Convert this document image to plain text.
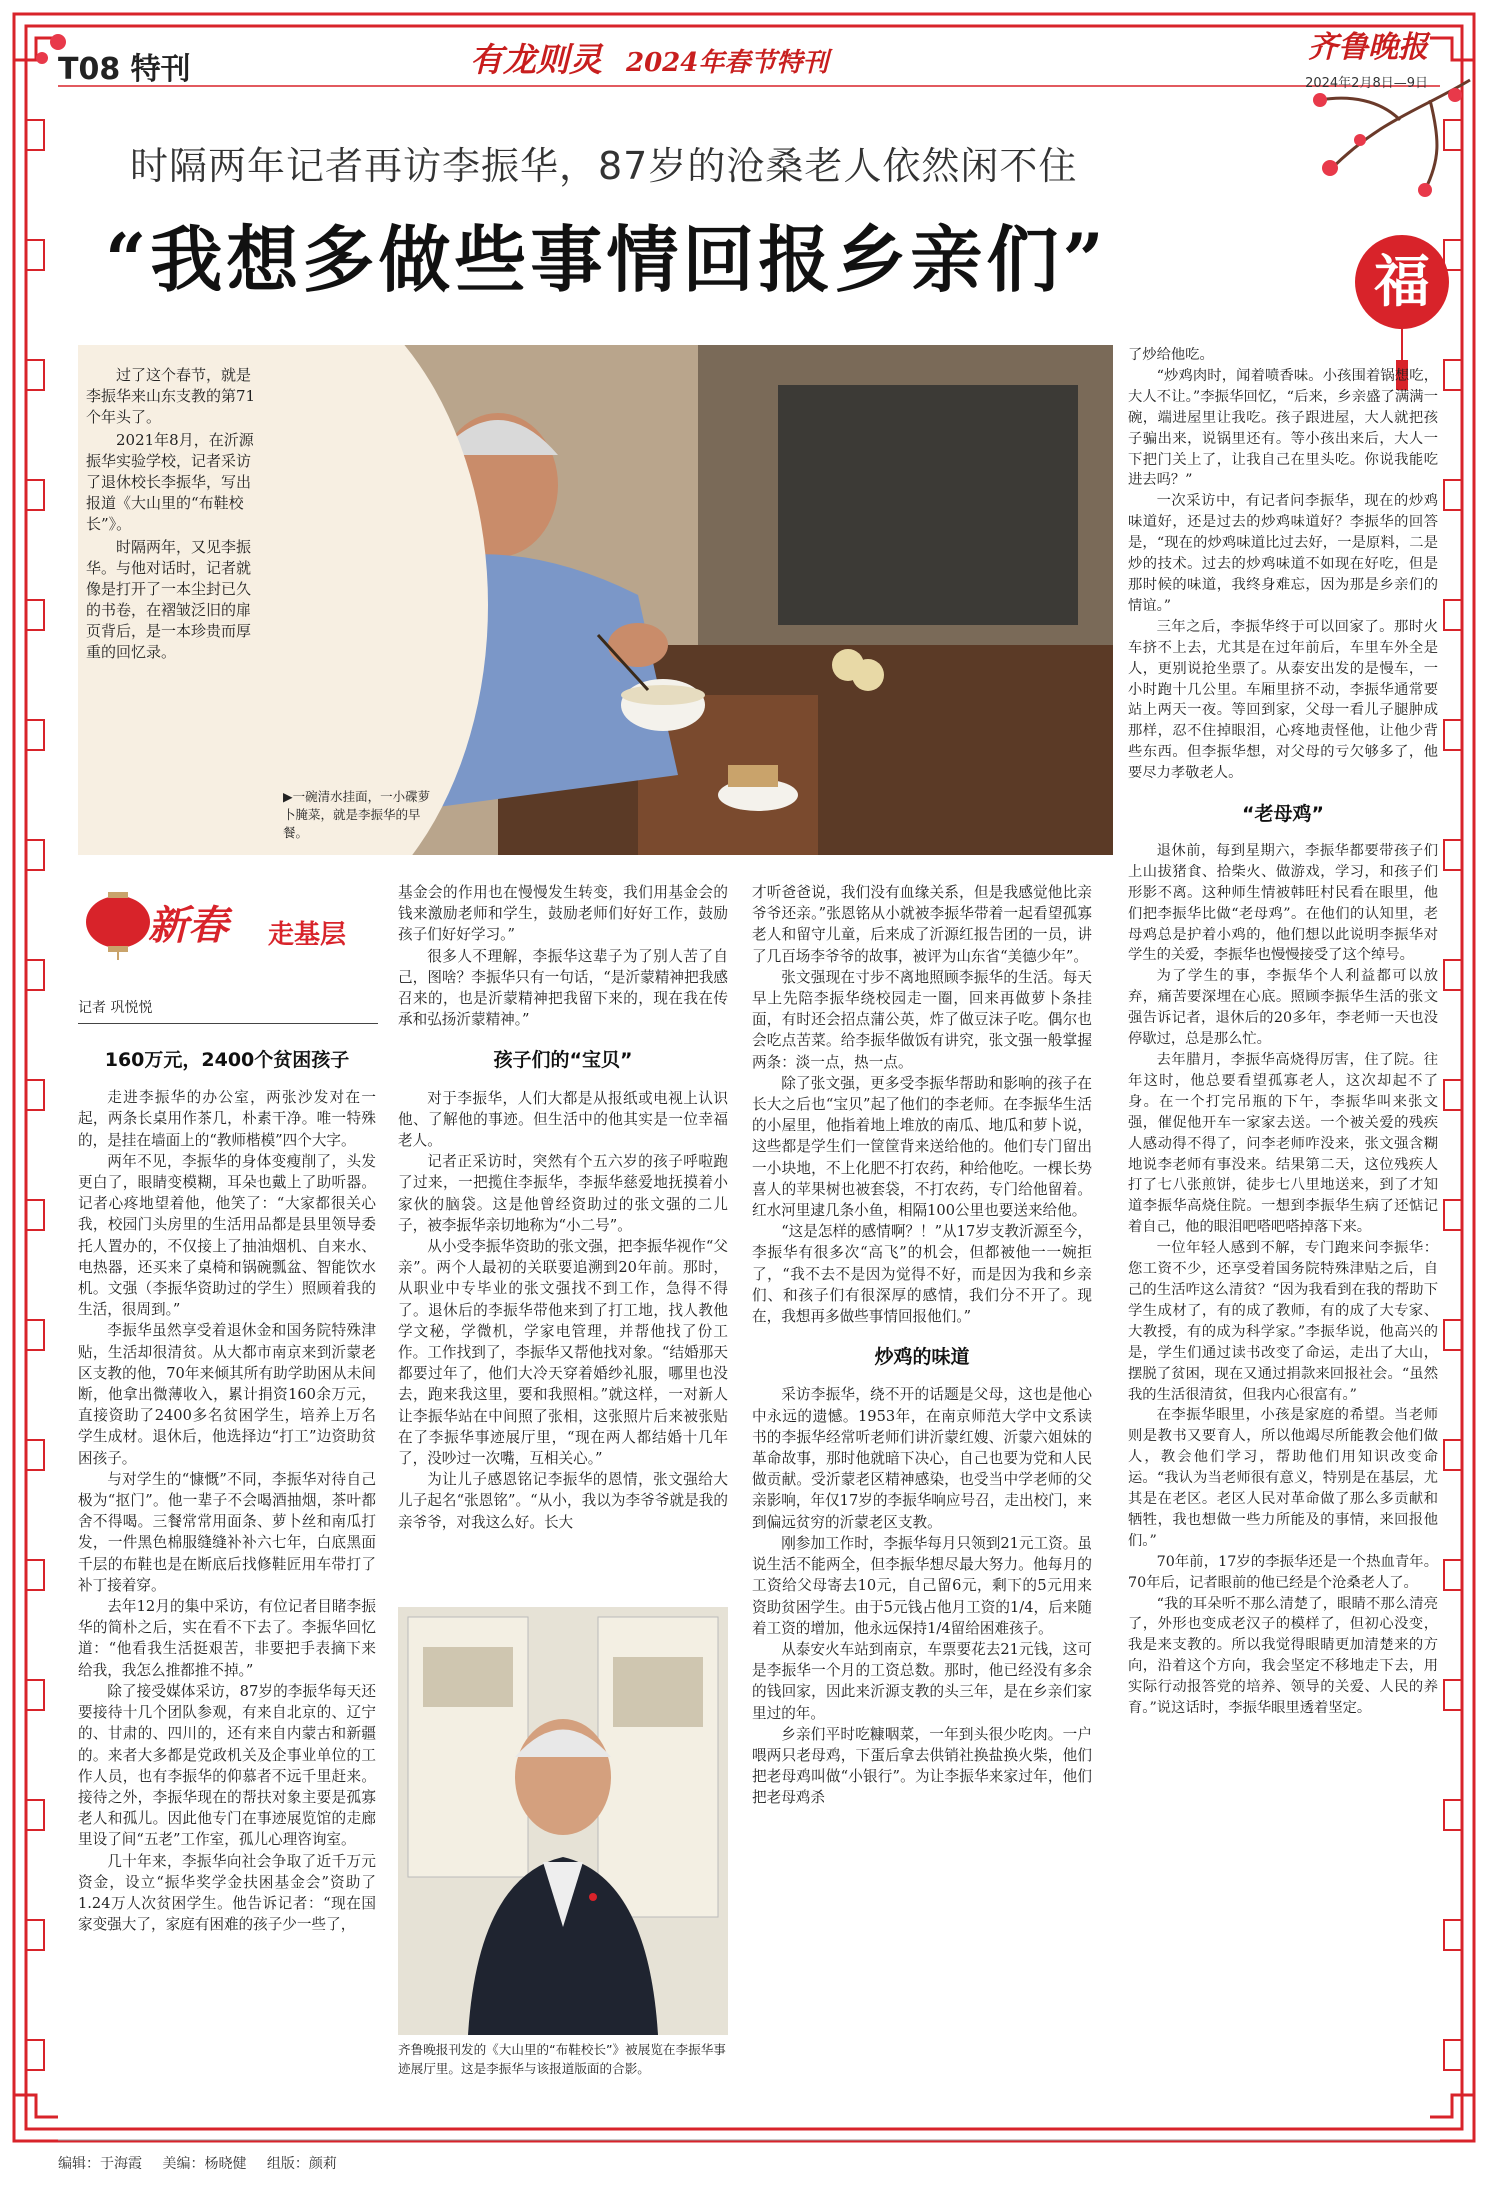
T08 特刊	有龙则灵 2024年春节特刊	齐鲁晚报
2024年2月8日—9日
福
时隔两年记者再访李振华，87岁的沧桑老人依然闲不住
“我想多做些事情回报乡亲们”

过了这个春节，就是李振华来山东支教的第71个年头了。

2021年8月，在沂源振华实验学校，记者采访了退休校长李振华，写出报道《大山里的“布鞋校长”》。

时隔两年，又见李振华。与他对话时，记者就像是打开了一本尘封已久的书卷，在褶皱泛旧的扉页背后，是一本珍贵而厚重的回忆录。

▶一碗清水挂面，一小碟萝卜腌菜，就是李振华的早餐。
新春 走基层
记者 巩悦悦
160万元，2400个贫困孩子

走进李振华的办公室，两张沙发对在一起，两条长桌用作茶几，朴素干净。唯一特殊的，是挂在墙面上的“教师楷模”四个大字。

两年不见，李振华的身体变瘦削了，头发更白了，眼睛变模糊，耳朵也戴上了助听器。记者心疼地望着他，他笑了：“大家都很关心我，校园门头房里的生活用品都是县里领导委托人置办的，不仅接上了抽油烟机、自来水、电热器，还买来了桌椅和锅碗瓢盆、智能饮水机。文强（李振华资助过的学生）照顾着我的生活，很周到。”

李振华虽然享受着退休金和国务院特殊津贴，生活却很清贫。从大都市南京来到沂蒙老区支教的他，70年来倾其所有助学助困从未间断，他拿出微薄收入，累计捐资160余万元，直接资助了2400多名贫困学生，培养上万名学生成材。退休后，他选择边“打工”边资助贫困孩子。

与对学生的“慷慨”不同，李振华对待自己极为“抠门”。他一辈子不会喝酒抽烟，茶叶都舍不得喝。三餐常常用面条、萝卜丝和南瓜打发，一件黑色棉服缝缝补补六七年，白底黑面千层的布鞋也是在断底后找修鞋匠用车带打了补丁接着穿。

去年12月的集中采访，有位记者目睹李振华的简朴之后，实在看不下去了。李振华回忆道：“他看我生活挺艰苦，非要把手表摘下来给我，我怎么推都推不掉。”

除了接受媒体采访，87岁的李振华每天还要接待十几个团队参观，有来自北京的、辽宁的、甘肃的、四川的，还有来自内蒙古和新疆的。来者大多都是党政机关及企事业单位的工作人员，也有李振华的仰慕者不远千里赶来。接待之外，李振华现在的帮扶对象主要是孤寡老人和孤儿。因此他专门在事迹展览馆的走廊里设了间“五老”工作室，孤儿心理咨询室。

几十年来，李振华向社会争取了近千万元资金，设立“振华奖学金扶困基金会”资助了1.24万人次贫困学生。他告诉记者：“现在国家变强大了，家庭有困难的孩子少一些了，

基金会的作用也在慢慢发生转变，我们用基金会的钱来激励老师和学生，鼓励老师们好好工作，鼓励孩子们好好学习。”

很多人不理解，李振华这辈子为了别人苦了自己，图啥？李振华只有一句话，“是沂蒙精神把我感召来的，也是沂蒙精神把我留下来的，现在我在传承和弘扬沂蒙精神。”

孩子们的“宝贝”

对于李振华，人们大都是从报纸或电视上认识他、了解他的事迹。但生活中的他其实是一位幸福老人。

记者正采访时，突然有个五六岁的孩子呼啦跑了过来，一把揽住李振华，李振华慈爱地抚摸着小家伙的脑袋。这是他曾经资助过的张文强的二儿子，被李振华亲切地称为“小二号”。

从小受李振华资助的张文强，把李振华视作“父亲”。两个人最初的关联要追溯到20年前。那时，从职业中专毕业的张文强找不到工作，急得不得了。退休后的李振华带他来到了打工地，找人教他学文秘，学微机，学家电管理，并帮他找了份工作。工作找到了，李振华又帮他找对象。“结婚那天都要过年了，他们大冷天穿着婚纱礼服，哪里也没去，跑来我这里，要和我照相。”就这样，一对新人让李振华站在中间照了张相，这张照片后来被张贴在了李振华事迹展厅里，“现在两人都结婚十几年了，没吵过一次嘴，互相关心。”

为让儿子感恩铭记李振华的恩情，张文强给大儿子起名“张恩铭”。“从小，我以为李爷爷就是我的亲爷爷，对我这么好。长大

齐鲁晚报刊发的《大山里的“布鞋校长”》被展览在李振华事迹展厅里。这是李振华与该报道版面的合影。

才听爸爸说，我们没有血缘关系，但是我感觉他比亲爷爷还亲。”张恩铭从小就被李振华带着一起看望孤寡老人和留守儿童，后来成了沂源红报告团的一员，讲了几百场李爷爷的故事，被评为山东省“美德少年”。

张文强现在寸步不离地照顾李振华的生活。每天早上先陪李振华绕校园走一圈，回来再做萝卜条挂面，有时还会招点蒲公英，炸了做豆沫子吃。偶尔也会吃点苦菜。给李振华做饭有讲究，张文强一般掌握两条：淡一点，热一点。

除了张文强，更多受李振华帮助和影响的孩子在长大之后也“宝贝”起了他们的李老师。在李振华生活的小屋里，他指着地上堆放的南瓜、地瓜和萝卜说，这些都是学生们一筐筐背来送给他的。他们专门留出一小块地，不上化肥不打农药，种给他吃。一棵长势喜人的苹果树也被套袋，不打农药，专门给他留着。红水河里逮几条小鱼，相隔100公里也要送来给他。

“这是怎样的感情啊？！”从17岁支教沂源至今，李振华有很多次“高飞”的机会，但都被他一一婉拒了，“我不去不是因为觉得不好，而是因为我和乡亲们、和孩子们有很深厚的感情，我们分不开了。现在，我想再多做些事情回报他们。”

炒鸡的味道

采访李振华，绕不开的话题是父母，这也是他心中永远的遗憾。1953年，在南京师范大学中文系读书的李振华经常听老师们讲沂蒙红嫂、沂蒙六姐妹的革命故事，那时他就暗下决心，自己也要为党和人民做贡献。受沂蒙老区精神感染，也受当中学老师的父亲影响，年仅17岁的李振华响应号召，走出校门，来到偏远贫穷的沂蒙老区支教。

刚参加工作时，李振华每月只领到21元工资。虽说生活不能两全，但李振华想尽最大努力。他每月的工资给父母寄去10元，自己留6元，剩下的5元用来资助贫困学生。由于5元钱占他月工资的1/4，后来随着工资的增加，他永远保持1/4留给困难孩子。

从泰安火车站到南京，车票要花去21元钱，这可是李振华一个月的工资总数。那时，他已经没有多余的钱回家，因此来沂源支教的头三年，是在乡亲们家里过的年。

乡亲们平时吃糠咽菜，一年到头很少吃肉。一户喂两只老母鸡，下蛋后拿去供销社换盐换火柴，他们把老母鸡叫做“小银行”。为让李振华来家过年，他们把老母鸡杀

了炒给他吃。

“炒鸡肉时，闻着喷香味。小孩围着锅想吃，大人不让。”李振华回忆，“后来，乡亲盛了满满一碗，端进屋里让我吃。孩子跟进屋，大人就把孩子骗出来，说锅里还有。等小孩出来后，大人一下把门关上了，让我自己在里头吃。你说我能吃进去吗？”

一次采访中，有记者问李振华，现在的炒鸡味道好，还是过去的炒鸡味道好？李振华的回答是，“现在的炒鸡味道比过去好，一是原料，二是炒的技术。过去的炒鸡味道不如现在好吃，但是那时候的味道，我终身难忘，因为那是乡亲们的情谊。”

三年之后，李振华终于可以回家了。那时火车挤不上去，尤其是在过年前后，车里车外全是人，更别说抢坐票了。从泰安出发的是慢车，一小时跑十几公里。车厢里挤不动，李振华通常要站上两天一夜。等回到家，父母一看儿子腿肿成那样，忍不住掉眼泪，心疼地责怪他，让他少背些东西。但李振华想，对父母的亏欠够多了，他要尽力孝敬老人。

“老母鸡”

退休前，每到星期六，李振华都要带孩子们上山拔猪食、拾柴火、做游戏，学习，和孩子们形影不离。这种师生情被韩旺村民看在眼里，他们把李振华比做“老母鸡”。在他们的认知里，老母鸡总是护着小鸡的，他们想以此说明李振华对学生的关爱，李振华也慢慢接受了这个绰号。

为了学生的事，李振华个人利益都可以放弃，痛苦要深埋在心底。照顾李振华生活的张文强告诉记者，退休后的20多年，李老师一天也没停歇过，总是那么忙。

去年腊月，李振华高烧得厉害，住了院。往年这时，他总要看望孤寡老人，这次却起不了身。在一个打完吊瓶的下午，李振华叫来张文强，催促他开车一家家去送。一个被关爱的残疾人感动得不得了，问李老师咋没来，张文强含糊地说李老师有事没来。结果第二天，这位残疾人打了七八张煎饼，徒步七八里地送来，到了才知道李振华高烧住院。一想到李振华生病了还惦记着自己，他的眼泪吧嗒吧嗒掉落下来。

一位年轻人感到不解，专门跑来问李振华：您工资不少，还享受着国务院特殊津贴之后，自己的生活咋这么清贫？“因为我看到在我的帮助下学生成材了，有的成了教师，有的成了大专家、大教授，有的成为科学家。”李振华说，他高兴的是，学生们通过读书改变了命运，走出了大山，摆脱了贫困，现在又通过捐款来回报社会。“虽然我的生活很清贫，但我内心很富有。”

在李振华眼里，小孩是家庭的希望。当老师则是教书又要育人，所以他竭尽所能教会他们做人，教会他们学习，帮助他们用知识改变命运。“我认为当老师很有意义，特别是在基层，尤其是在老区。老区人民对革命做了那么多贡献和牺牲，我也想做一些力所能及的事情，来回报他们。”

70年前，17岁的李振华还是一个热血青年。70年后，记者眼前的他已经是个沧桑老人了。

“我的耳朵听不那么清楚了，眼睛不那么清亮了，外形也变成老汉子的模样了，但初心没变，我是来支教的。所以我觉得眼睛更加清楚来的方向，沿着这个方向，我会坚定不移地走下去，用实际行动报答党的培养、领导的关爱、人民的养育。”说这话时，李振华眼里透着坚定。

编辑：于海霞 美编：杨晓健 组版：颜莉
